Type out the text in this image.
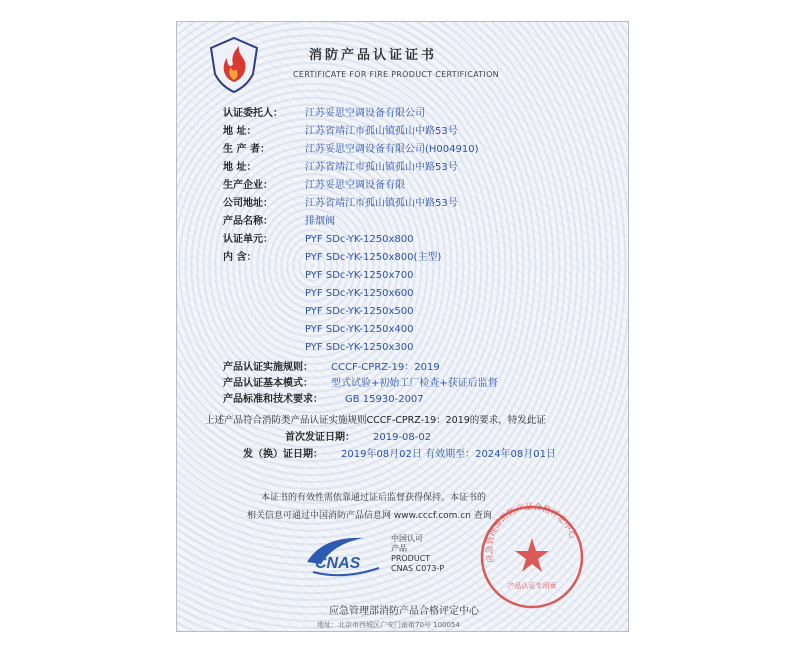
消防产品认证证书
CERTIFICATE FOR FIRE PRODUCT CERTIFICATION
认证委托人： 江苏妥思空调设备有限公司
地 址：	江苏省靖江市孤山镇孤山中路53号
生 产 者：	江苏妥思空调设备有限公司(H004910)
地 址：	江苏省靖江市孤山镇孤山中路53号
生产企业：	江苏妥思空调设备有限
公司地址：	江苏省靖江市孤山镇孤山中路53号
产品名称：	排烟阀
认证单元：	PYF SDc-YK-1250x800
内 含：	PYF SDc-YK-1250x800(主型)
PYF SDc-YK-1250x700
PYF SDc-YK-1250x600
PYF SDc-YK-1250x500
PYF SDc-YK-1250x400
PYF SDc-YK-1250x300
产品认证实施规则： CCCF-CPRZ-19：2019
产品认证基本模式： 型式试验+初始工厂检查+获证后监督
产品标准和技术要求： GB 15930-2007
上述产品符合消防类产品认证实施规则CCCF-CPRZ-19：2019的要求，特发此证
首次发证日期： 2019-08-02
发（换）证日期： 2019年08月02日 有效期至：2024年08月01日
本证书的有效性需依靠通过证后监督获得保持。本证书的
相关信息可通过中国消防产品信息网 www.cccf.com.cn 查询
CNAS
中国认可
产品
PRODUCT
CNAS C073-P
应急管理部消防产品合格评定中心
产品认证专用章
应急管理部消防产品合格评定中心
地址：北京市西城区广安门南街70号 100054
